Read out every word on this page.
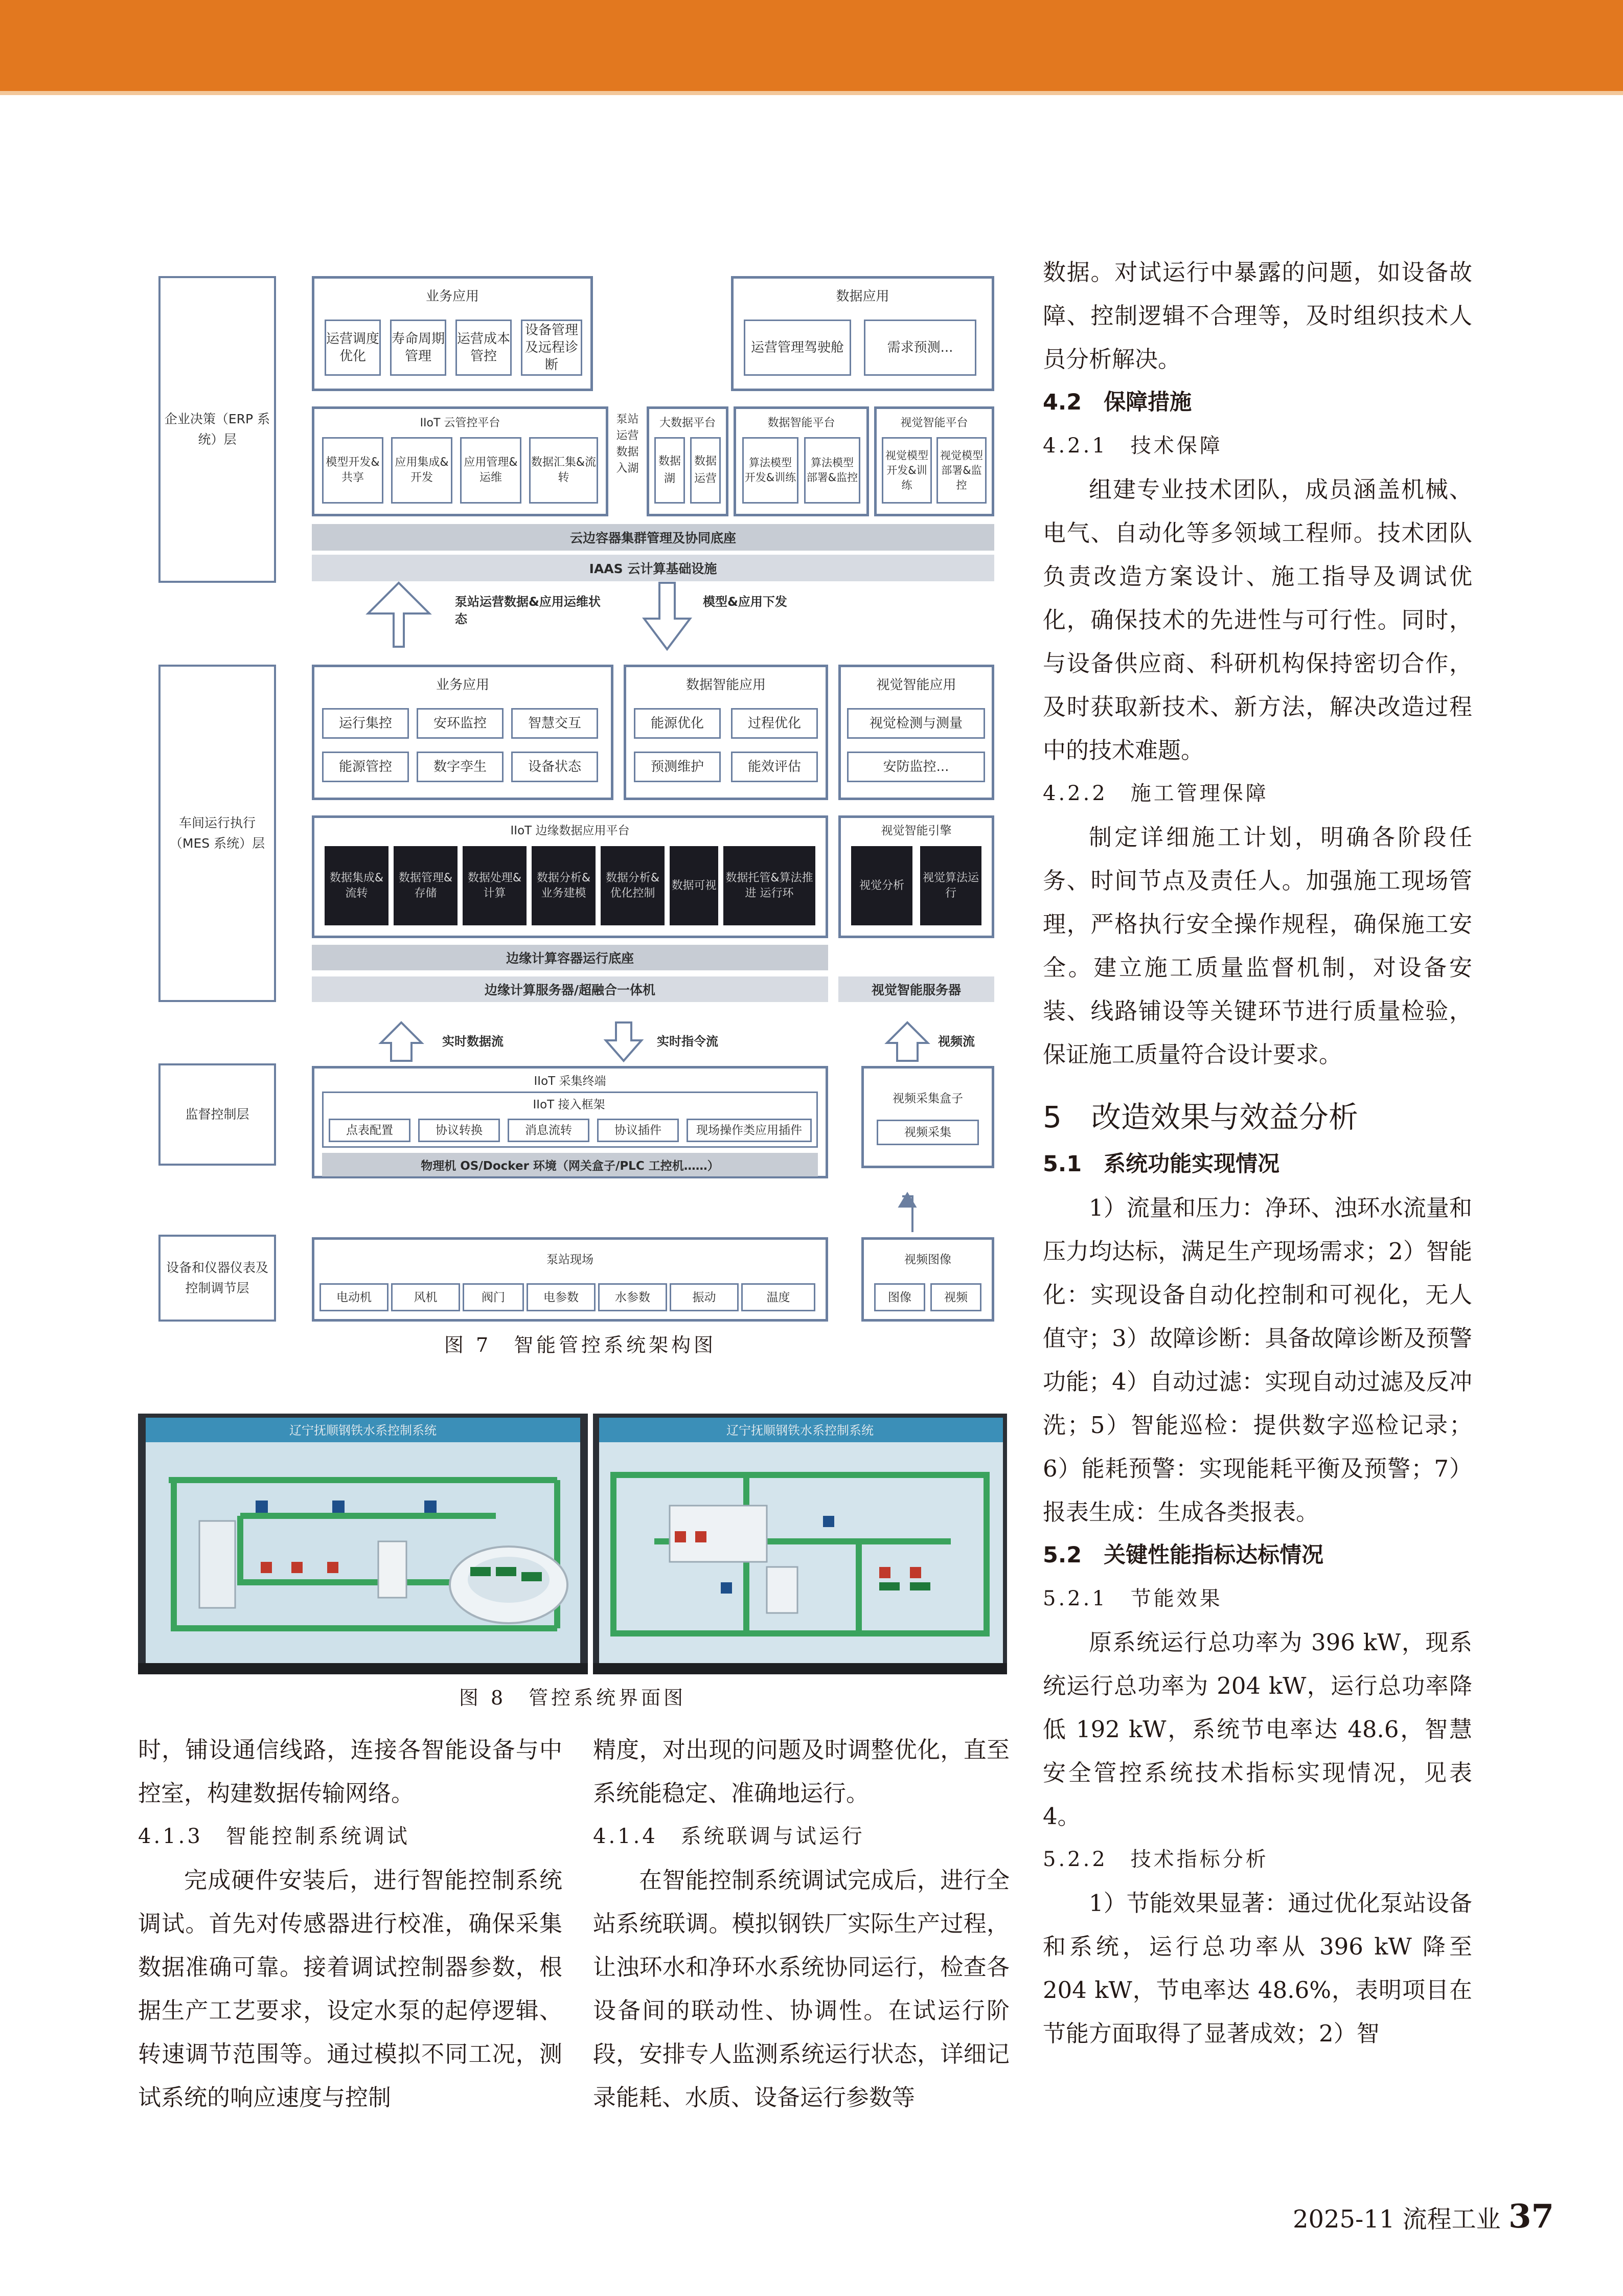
企业决策（ERP 系统）层
车间运行执行（MES 系统）层
监督控制层
设备和仪器仪表及控制调节层
业务应用
运营调度优化
寿命周期管理
运营成本管控
设备管理及远程诊断
数据应用
运营管理驾驶舱	需求预测...
IIoT 云管控平台
模型开发&共享
应用集成&开发
应用管理&运维
数据汇集&流转
泵站运营数据入湖
大数据平台
数据湖
数据运营
数据智能平台
算法模型开发&训练
算法模型部署&监控
视觉智能平台
视觉模型开发&训练
视觉模型部署&监控
云边容器集群管理及协同底座
IAAS 云计算基础设施
泵站运营数据&应用运维状态
模型&应用下发
业务应用
运行集控	安环监控	智慧交互
能源管控	数字孪生	设备状态
数据智能应用
能源优化	过程优化
预测维护	能效评估
视觉智能应用
视觉检测与测量
安防监控...
IIoT 边缘数据应用平台
数据集成&流转
数据管理&存储
数据处理&计算
数据分析&业务建模
数据分析&优化控制
数据可视
数据托管&算法推进 运行环
视觉智能引擎
视觉分析
视觉算法运行
边缘计算容器运行底座
边缘计算服务器/超融合一体机	视觉智能服务器
实时数据流	实时指令流	视频流
IIoT 采集终端
IIoT 接入框架
点表配置	协议转换	消息流转	协议插件	现场操作类应用插件
物理机 OS/Docker 环境（网关盒子/PLC 工控机……）
视频采集盒子
视频采集
泵站现场
电动机	风机	阀门	电参数	水参数	振动	温度
视频图像
图像	视频
图 7　智能管控系统架构图
辽宁抚顺钢铁水系控制系统	辽宁抚顺钢铁水系控制系统
图 8　管控系统界面图

时，铺设通信线路，连接各智能设备与中控室，构建数据传输网络。

4.1.3　智能控制系统调试

完成硬件安装后，进行智能控制系统调试。首先对传感器进行校准，确保采集数据准确可靠。接着调试控制器参数，根据生产工艺要求，设定水泵的起停逻辑、转速调节范围等。通过模拟不同工况，测试系统的响应速度与控制

精度，对出现的问题及时调整优化，直至系统能稳定、准确地运行。

4.1.4　系统联调与试运行

在智能控制系统调试完成后，进行全站系统联调。模拟钢铁厂实际生产过程，让浊环水和净环水系统协同运行，检查各设备间的联动性、协调性。在试运行阶段，安排专人监测系统运行状态，详细记录能耗、水质、设备运行参数等

数据。对试运行中暴露的问题，如设备故障、控制逻辑不合理等，及时组织技术人员分析解决。

4.2　保障措施

4.2.1　技术保障

组建专业技术团队，成员涵盖机械、电气、自动化等多领域工程师。技术团队负责改造方案设计、施工指导及调试优化，确保技术的先进性与可行性。同时，与设备供应商、科研机构保持密切合作，及时获取新技术、新方法，解决改造过程中的技术难题。

4.2.2　施工管理保障

制定详细施工计划，明确各阶段任务、时间节点及责任人。加强施工现场管理，严格执行安全操作规程，确保施工安全。建立施工质量监督机制，对设备安装、线路铺设等关键环节进行质量检验，保证施工质量符合设计要求。

5　改造效果与效益分析

5.1　系统功能实现情况

1）流量和压力：净环、浊环水流量和压力均达标，满足生产现场需求；2）智能化：实现设备自动化控制和可视化，无人值守；3）故障诊断：具备故障诊断及预警功能；4）自动过滤：实现自动过滤及反冲洗；5）智能巡检：提供数字巡检记录；6）能耗预警：实现能耗平衡及预警；7）报表生成：生成各类报表。

5.2　关键性能指标达标情况

5.2.1　节能效果

原系统运行总功率为 396 kW，现系统运行总功率为 204 kW，运行总功率降低 192 kW，系统节电率达 48.6，智慧安全管控系统技术指标实现情况，见表 4。

5.2.2　技术指标分析

1）节能效果显著：通过优化泵站设备和系统，运行总功率从 396 kW 降至 204 kW，节电率达 48.6%，表明项目在节能方面取得了显著成效；2）智

2025-11 流程工业 37
